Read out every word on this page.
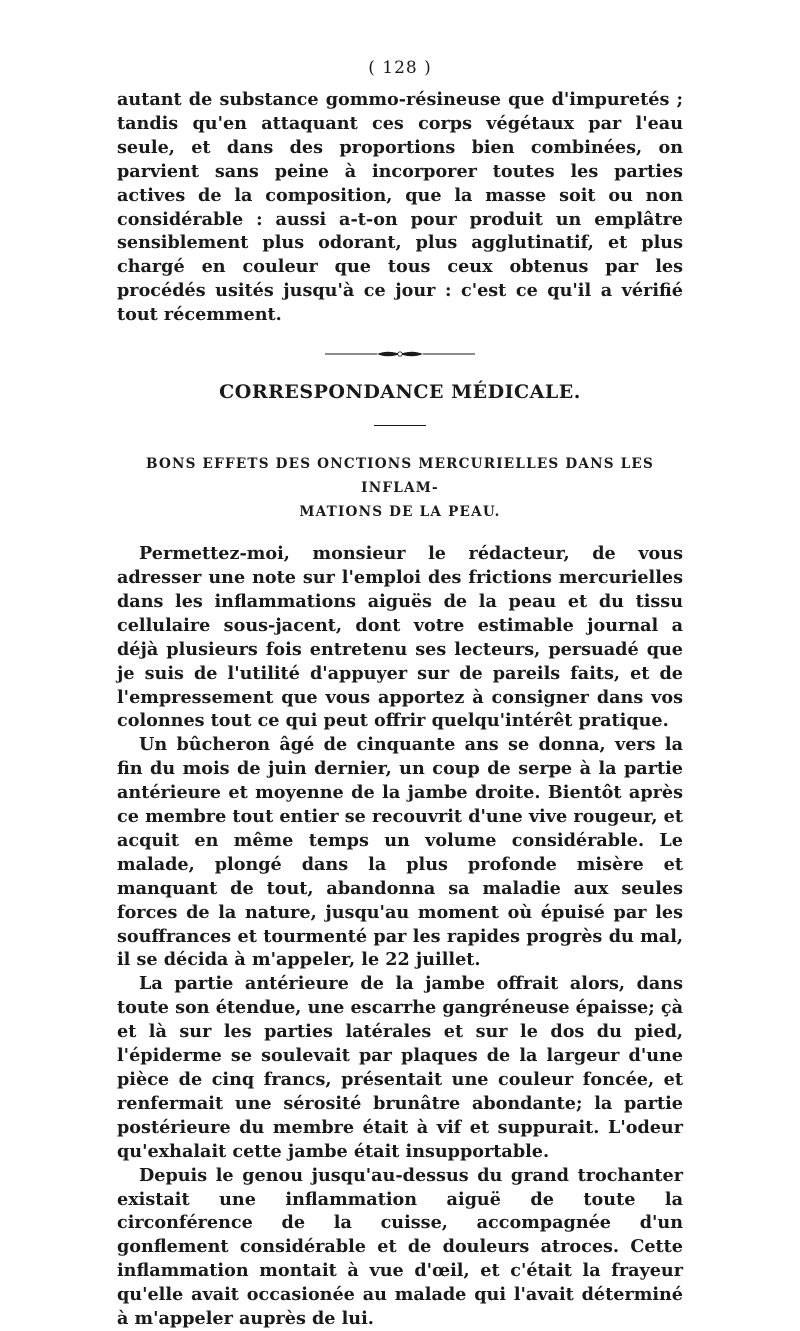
( 128 )

autant de substance gommo-résineuse que d'impuretés ; tandis qu'en attaquant ces corps végétaux par l'eau seule, et dans des proportions bien combinées, on parvient sans peine à incorporer toutes les parties actives de la composition, que la masse soit ou non considérable : aussi a-t-on pour produit un emplâtre sensiblement plus odorant, plus agglutinatif, et plus chargé en couleur que tous ceux obtenus par les procédés usités jusqu'à ce jour : c'est ce qu'il a vérifié tout récemment.

CORRESPONDANCE MÉDICALE.
BONS EFFETS DES ONCTIONS MERCURIELLES DANS LES INFLAM-
MATIONS DE LA PEAU.

Permettez-moi, monsieur le rédacteur, de vous adresser une note sur l'emploi des frictions mercurielles dans les inflammations aiguës de la peau et du tissu cellulaire sous-jacent, dont votre estimable journal a déjà plusieurs fois entretenu ses lecteurs, persuadé que je suis de l'utilité d'appuyer sur de pareils faits, et de l'empressement que vous apportez à consigner dans vos colonnes tout ce qui peut offrir quelqu'intérêt pratique.

Un bûcheron âgé de cinquante ans se donna, vers la fin du mois de juin dernier, un coup de serpe à la partie antérieure et moyenne de la jambe droite. Bientôt après ce membre tout entier se recouvrit d'une vive rougeur, et acquit en même temps un volume considérable. Le malade, plongé dans la plus profonde misère et manquant de tout, abandonna sa maladie aux seules forces de la nature, jusqu'au moment où épuisé par les souffrances et tourmenté par les rapides progrès du mal, il se décida à m'appeler, le 22 juillet.

La partie antérieure de la jambe offrait alors, dans toute son étendue, une escarrhe gangréneuse épaisse; çà et là sur les parties latérales et sur le dos du pied, l'épiderme se soulevait par plaques de la largeur d'une pièce de cinq francs, présentait une couleur foncée, et renfermait une sérosité brunâtre abondante; la partie postérieure du membre était à vif et suppurait. L'odeur qu'exhalait cette jambe était insupportable.

Depuis le genou jusqu'au-dessus du grand trochanter existait une inflammation aiguë de toute la circonférence de la cuisse, accompagnée d'un gonflement considérable et de douleurs atroces. Cette inflammation montait à vue d'œil, et c'était la frayeur qu'elle avait occasionée au malade qui l'avait déterminé à m'appeler auprès de lui.
